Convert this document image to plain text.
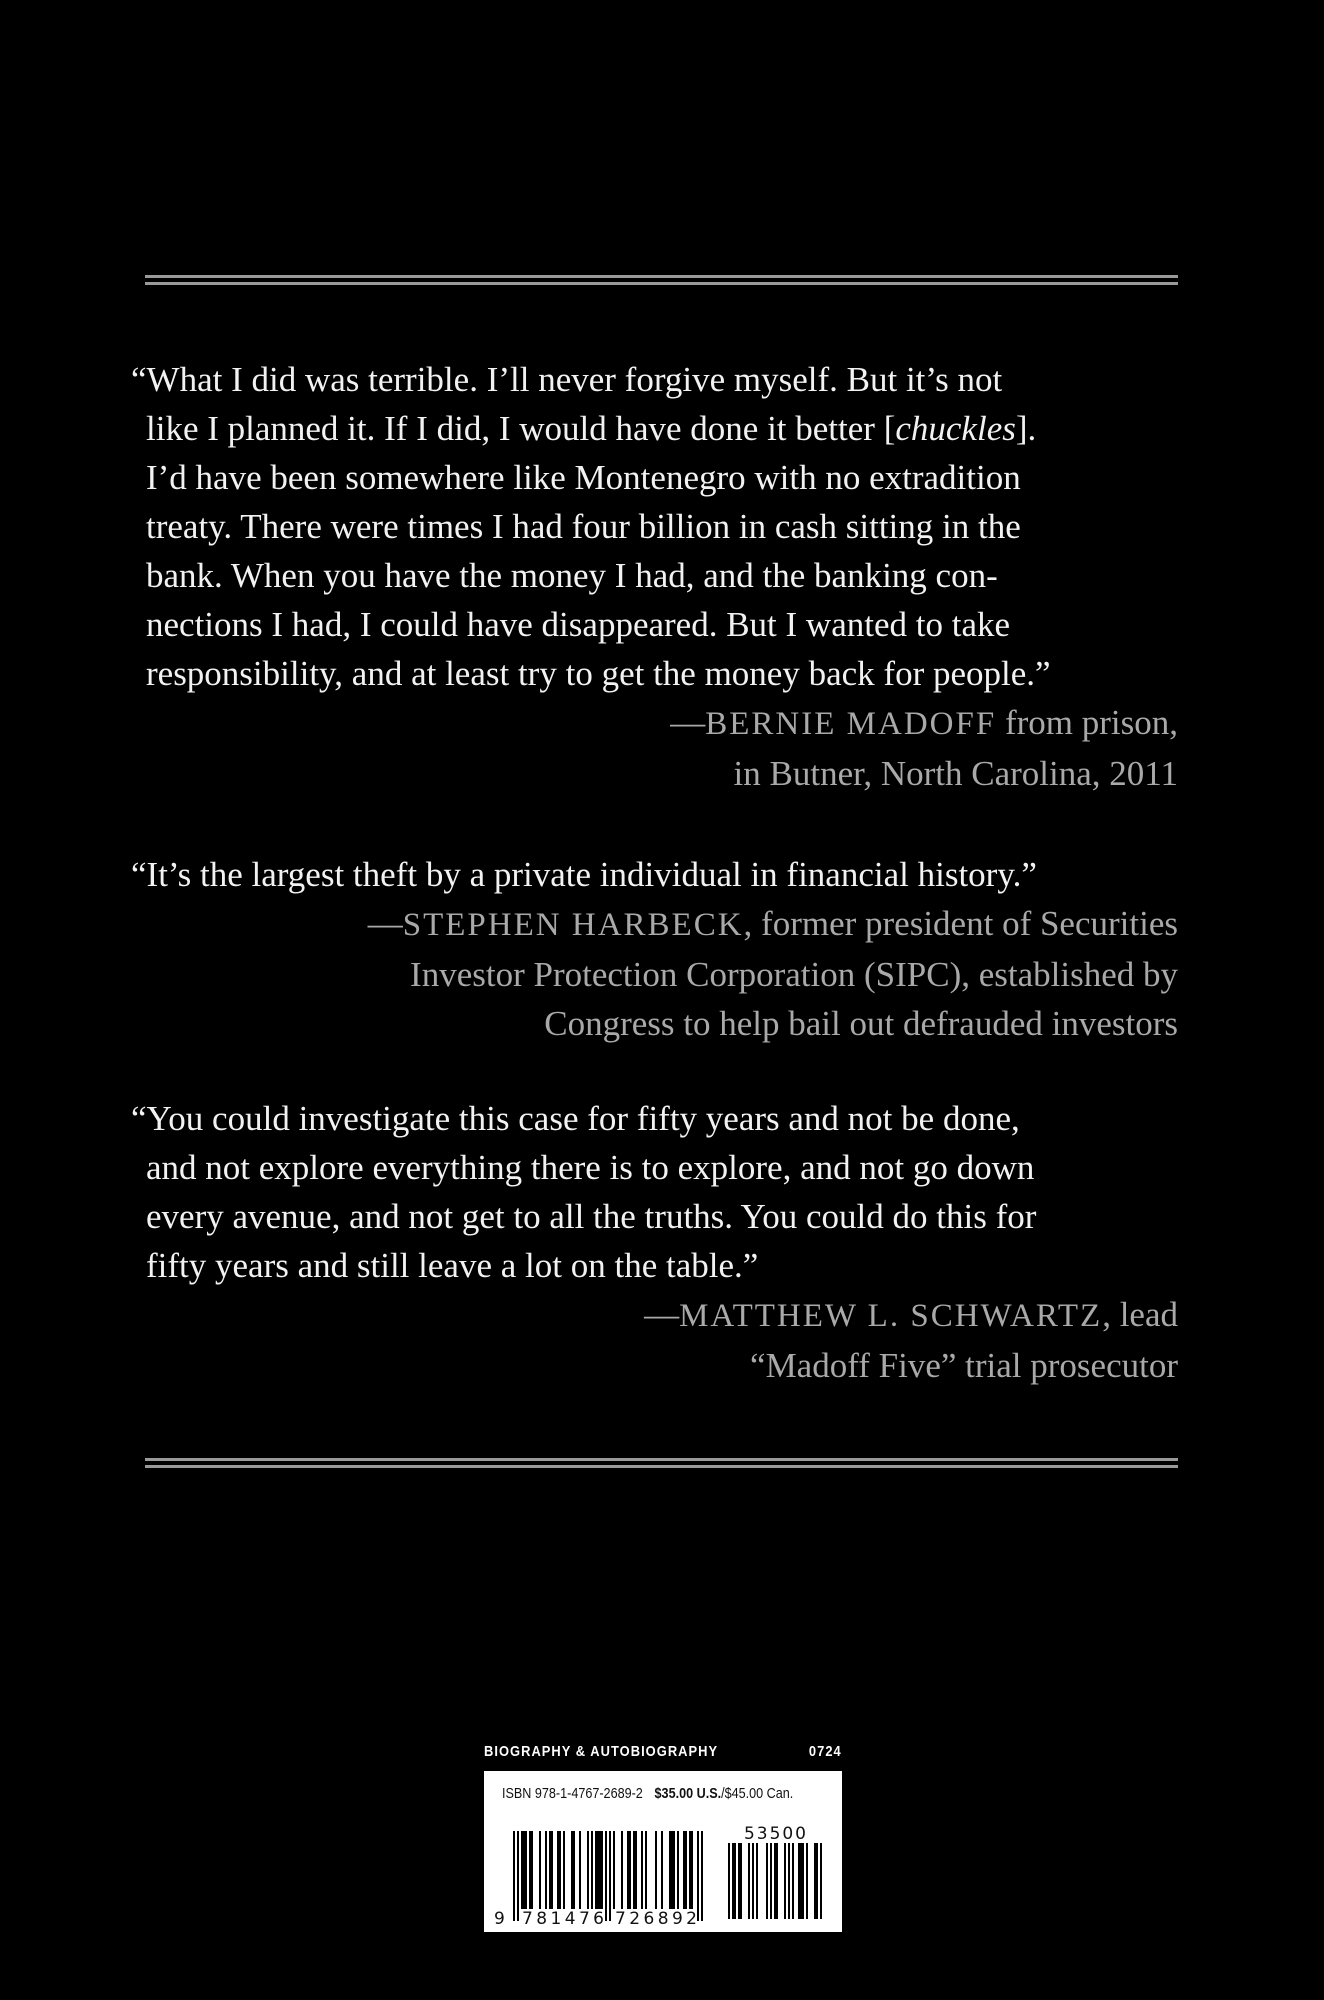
“What I did was terrible. I’ll never forgive myself. But it’s not
like I planned it. If I did, I would have done it better [chuckles].
I’d have been somewhere like Montenegro with no extradition
treaty. There were times I had four billion in cash sitting in the
bank. When you have the money I had, and the banking con-
nections I had, I could have disappeared. But I wanted to take
responsibility, and at least try to get the money back for people.”

—BERNIE MADOFF from prison,
in Butner, North Carolina, 2011

“It’s the largest theft by a private individual in financial history.”

—STEPHEN HARBECK, former president of Securities
Investor Protection Corporation (SIPC), established by
Congress to help bail out defrauded investors

“You could investigate this case for fifty years and not be done,
and not explore everything there is to explore, and not go down
every avenue, and not get to all the truths. You could do this for
fifty years and still leave a lot on the table.”

—MATTHEW L. SCHWARTZ, lead
“Madoff Five” trial prosecutor

BIOGRAPHY & AUTOBIOGRAPHY	0724
ISBN 978-1-4767-2689-2 $35.00 U.S./$45.00 Can.
9 781476 726892
53500
